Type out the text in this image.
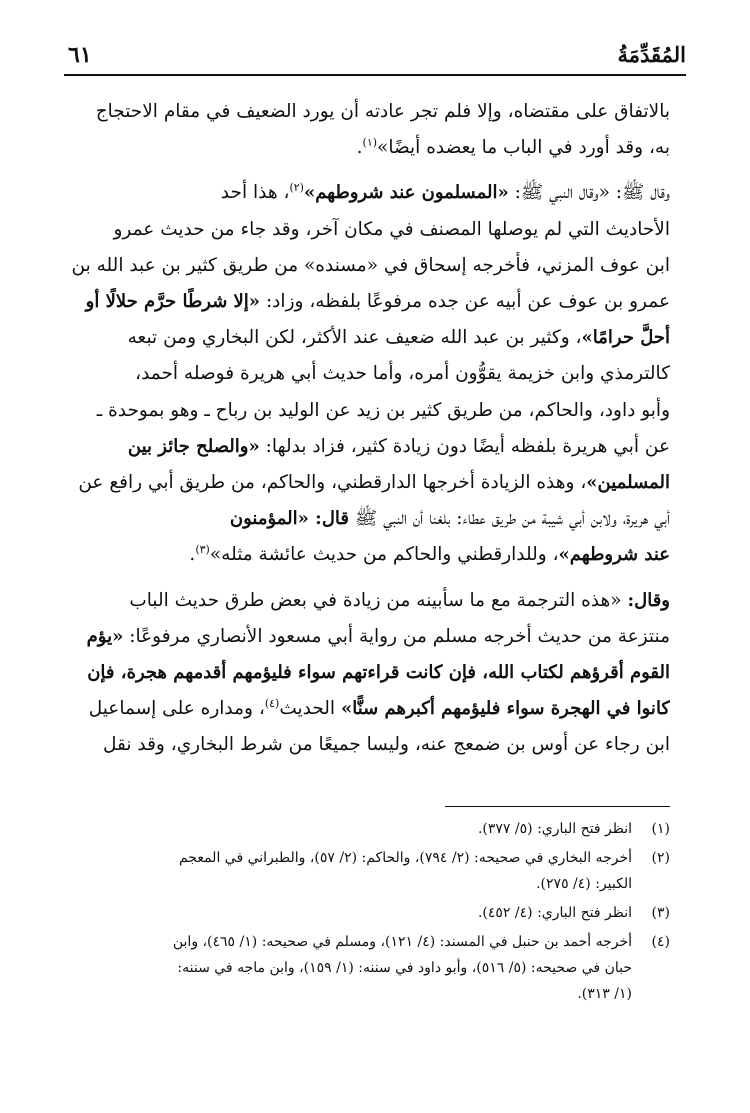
المُقَدِّمَةُ
٦١

بالاتفاق على مقتضاه، وإلا فلم تجر عادته أن يورد الضعيف في مقام الاحتجاج
به، وقد أورد في الباب ما يعضده أيضًا»$^{(١)}$.

وقال ﷺ: «وقال النبي ﷺ: «المسلمون عند شروطهم»$^{(٢)}$، هذا أحد
الأحاديث التي لم يوصلها المصنف في مكان آخر، وقد جاء من حديث عمرو
ابن عوف المزني، فأخرجه إسحاق في «مسنده» من طريق كثير بن عبد الله بن
عمرو بن عوف عن أبيه عن جده مرفوعًا بلفظه، وزاد: «إلا شرطًا حرَّم حلالًا أو
أحلَّ حرامًا»، وكثير بن عبد الله ضعيف عند الأكثر، لكن البخاري ومن تبعه
كالترمذي وابن خزيمة يقوُّون أمره، وأما حديث أبي هريرة فوصله أحمد،
وأبو داود، والحاكم، من طريق كثير بن زيد عن الوليد بن رباح ـ وهو بموحدة ـ
عن أبي هريرة بلفظه أيضًا دون زيادة كثير، فزاد بدلها: «والصلح جائز بين
المسلمين»، وهذه الزيادة أخرجها الدارقطني، والحاكم، من طريق أبي رافع عن
أبي هريرة، ولابن أبي شيبة من طريق عطاء: بلغنا أن النبي ﷺ قال: «المؤمنون
عند شروطهم»، وللدارقطني والحاكم من حديث عائشة مثله»$^{(٣)}$.

وقال: «هذه الترجمة مع ما سأبينه من زيادة في بعض طرق حديث الباب
منتزعة من حديث أخرجه مسلم من رواية أبي مسعود الأنصاري مرفوعًا: «يؤم
القوم أقرؤهم لكتاب الله، فإن كانت قراءتهم سواء فليؤمهم أقدمهم هجرة، فإن
كانوا في الهجرة سواء فليؤمهم أكبرهم سنًّا» الحديث$^{(٤)}$، ومداره على إسماعيل
ابن رجاء عن أوس بن ضمعج عنه، وليسا جميعًا من شرط البخاري، وقد نقل

(١)
انظر فتح الباري: (٥/ ٣٧٧).
(٢)
أخرجه البخاري في صحيحه: (٢/ ٧٩٤)، والحاكم: (٢/ ٥٧)، والطبراني في المعجم
الكبير: (٤/ ٢٧٥).
(٣)
انظر فتح الباري: (٤/ ٤٥٢).
(٤)
أخرجه أحمد بن حنبل في المسند: (٤/ ١٢١)، ومسلم في صحيحه: (١/ ٤٦٥)، وابن
حبان في صحيحه: (٥/ ٥١٦)، وأبو داود في سننه: (١/ ١٥٩)، وابن ماجه في سننه:
(١/ ٣١٣).
